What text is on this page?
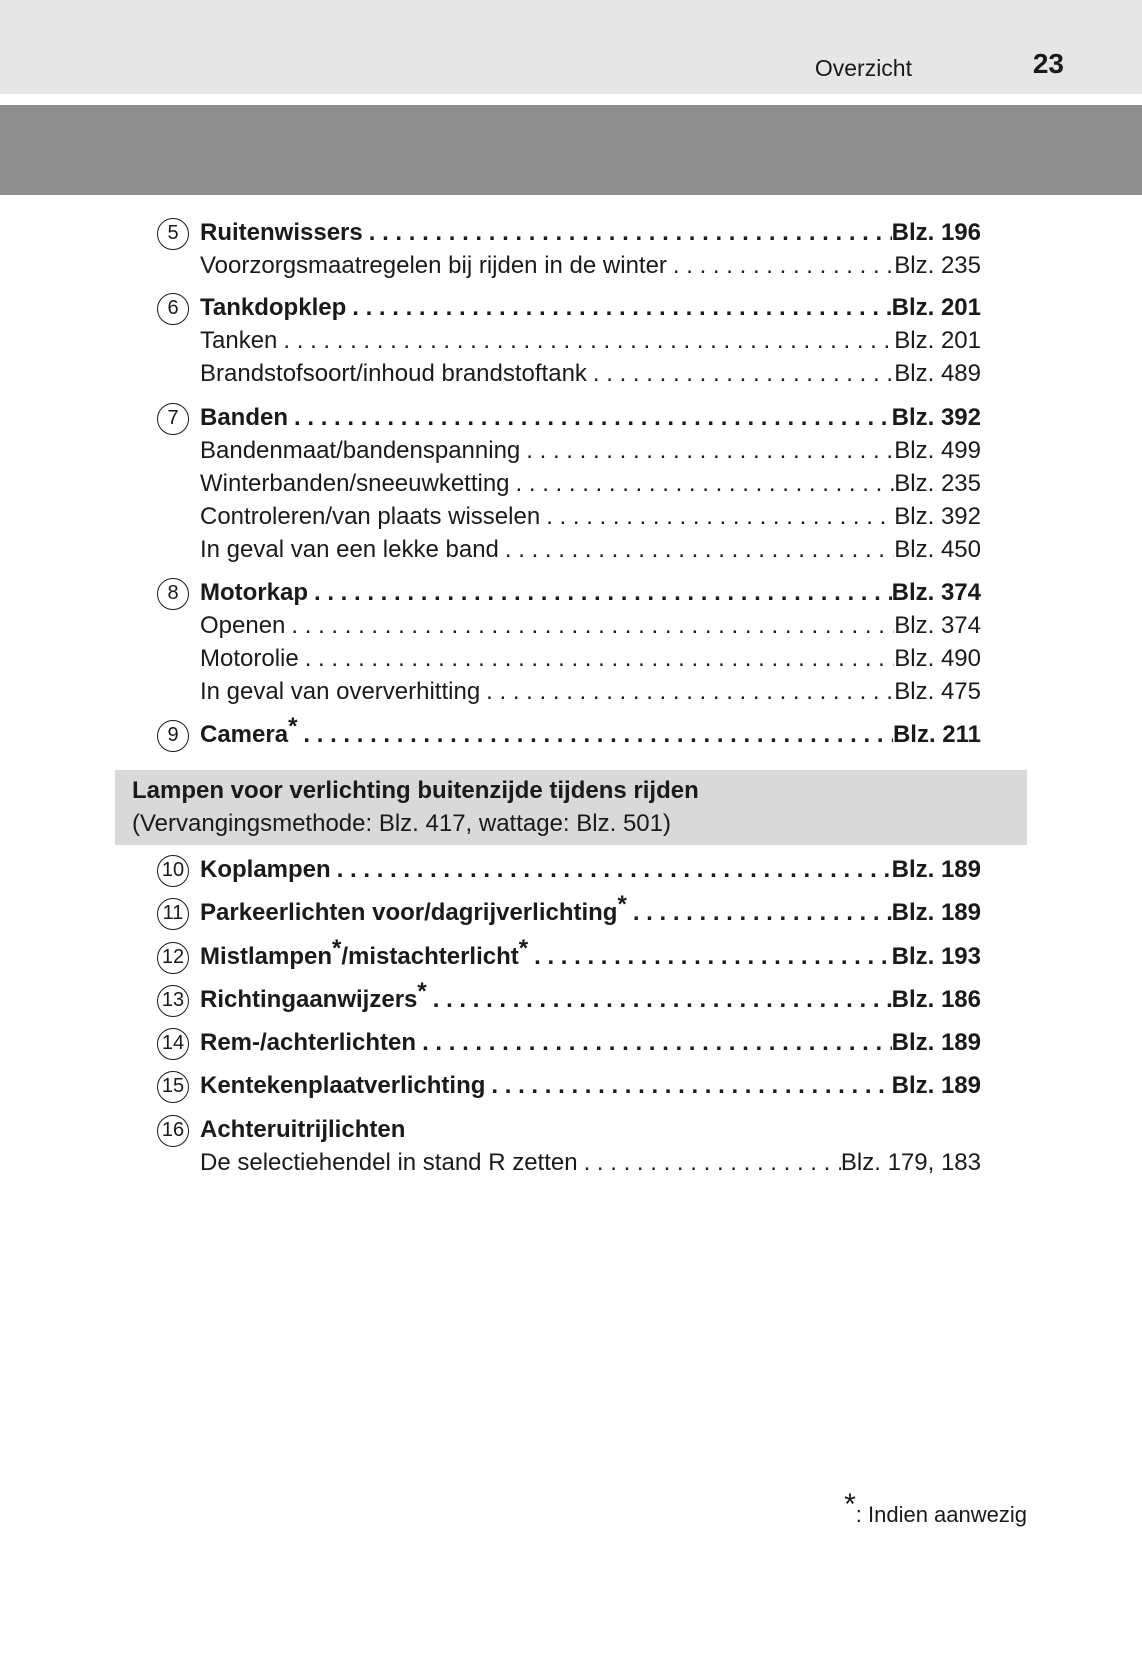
Overzicht	23
5 Ruitenwissers . . .	Blz. 196
Voorzorgsmaatregelen bij rijden in de winter . . .	Blz. 235
6 Tankdopklep . . .	Blz. 201
Tanken . . .	Blz. 201
Brandstofsoort/inhoud brandstoftank . . .	Blz. 489
7 Banden . . .	Blz. 392
Bandenmaat/bandenspanning . . .	Blz. 499
Winterbanden/sneeuwketting . . .	Blz. 235
Controleren/van plaats wisselen . . .	Blz. 392
In geval van een lekke band . . .	Blz. 450
8 Motorkap . . .	Blz. 374
Openen . . .	Blz. 374
Motorolie . . .	Blz. 490
In geval van oververhitting . . .	Blz. 475
9 Camera* . . .	Blz. 211
Lampen voor verlichting buitenzijde tijdens rijden
(Vervangingsmethode: Blz. 417, wattage: Blz. 501)
10 Koplampen . . .	Blz. 189
11 Parkeerlichten voor/dagrijverlichting* . . .	Blz. 189
12 Mistlampen*/mistachterlicht* . . .	Blz. 193
13 Richtingaanwijzers* . . .	Blz. 186
14 Rem-/achterlichten . . .	Blz. 189
15 Kentekenplaatverlichting . . .	Blz. 189
16 Achteruitrijlichten
De selectiehendel in stand R zetten . . .	Blz. 179, 183
*: Indien aanwezig
